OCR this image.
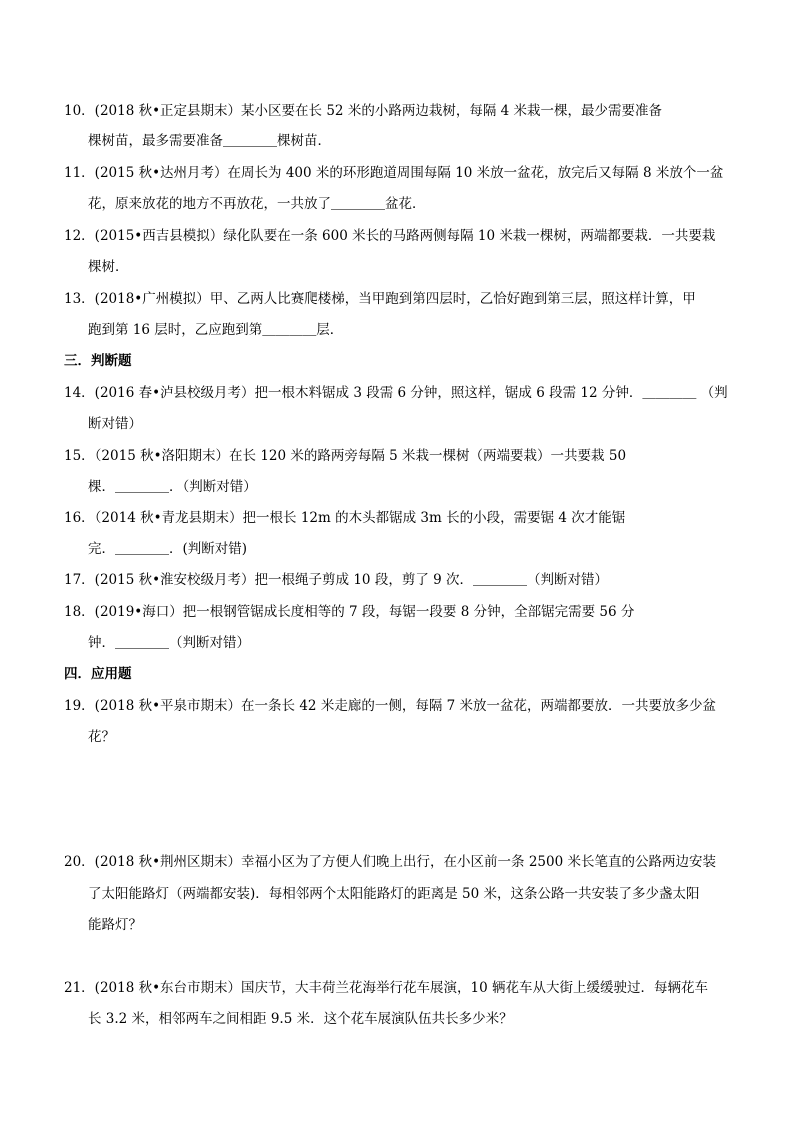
10．(2018 秋•正定县期末）某小区要在长 52 米的小路两边栽树，每隔 4 米栽一棵，最少需要准备
棵树苗，最多需要准备＿＿＿＿棵树苗．
11．(2015 秋•达州月考）在周长为 400 米的环形跑道周围每隔 10 米放一盆花，放完后又每隔 8 米放个一盆
花，原来放花的地方不再放花，一共放了＿＿＿＿盆花．
12．(2015•西吉县模拟）绿化队要在一条 600 米长的马路两侧每隔 10 米栽一棵树，两端都要栽．一共要栽
棵树．
13．(2018•广州模拟）甲、乙两人比赛爬楼梯，当甲跑到第四层时，乙恰好跑到第三层，照这样计算，甲
跑到第 16 层时，乙应跑到第＿＿＿＿层．
三．判断题
14．(2016 春•泸县校级月考）把一根木料锯成 3 段需 6 分钟，照这样，锯成 6 段需 12 分钟．＿＿＿＿ （判
断对错）
15．（2015 秋•洛阳期末）在长 120 米的路两旁每隔 5 米栽一棵树（两端要栽）一共要栽 50
棵．＿＿＿＿．（判断对错）
16．（2014 秋•青龙县期末）把一根长 12m 的木头都锯成 3m 长的小段，需要锯 4 次才能锯
完．＿＿＿＿．(判断对错)
17．(2015 秋•淮安校级月考）把一根绳子剪成 10 段，剪了 9 次．＿＿＿＿（判断对错）
18．(2019•海口）把一根钢管锯成长度相等的 7 段，每锯一段要 8 分钟，全部锯完需要 56 分
钟．＿＿＿＿（判断对错）
四．应用题
19．(2018 秋•平泉市期末）在一条长 42 米走廊的一侧，每隔 7 米放一盆花，两端都要放．一共要放多少盆
花？
20．(2018 秋•荆州区期末）幸福小区为了方便人们晚上出行，在小区前一条 2500 米长笔直的公路两边安装
了太阳能路灯（两端都安装)．每相邻两个太阳能路灯的距离是 50 米，这条公路一共安装了多少盏太阳
能路灯？
21．(2018 秋•东台市期末）国庆节，大丰荷兰花海举行花车展演，10 辆花车从大街上缓缓驶过．每辆花车
长 3.2 米，相邻两车之间相距 9.5 米．这个花车展演队伍共长多少米？
